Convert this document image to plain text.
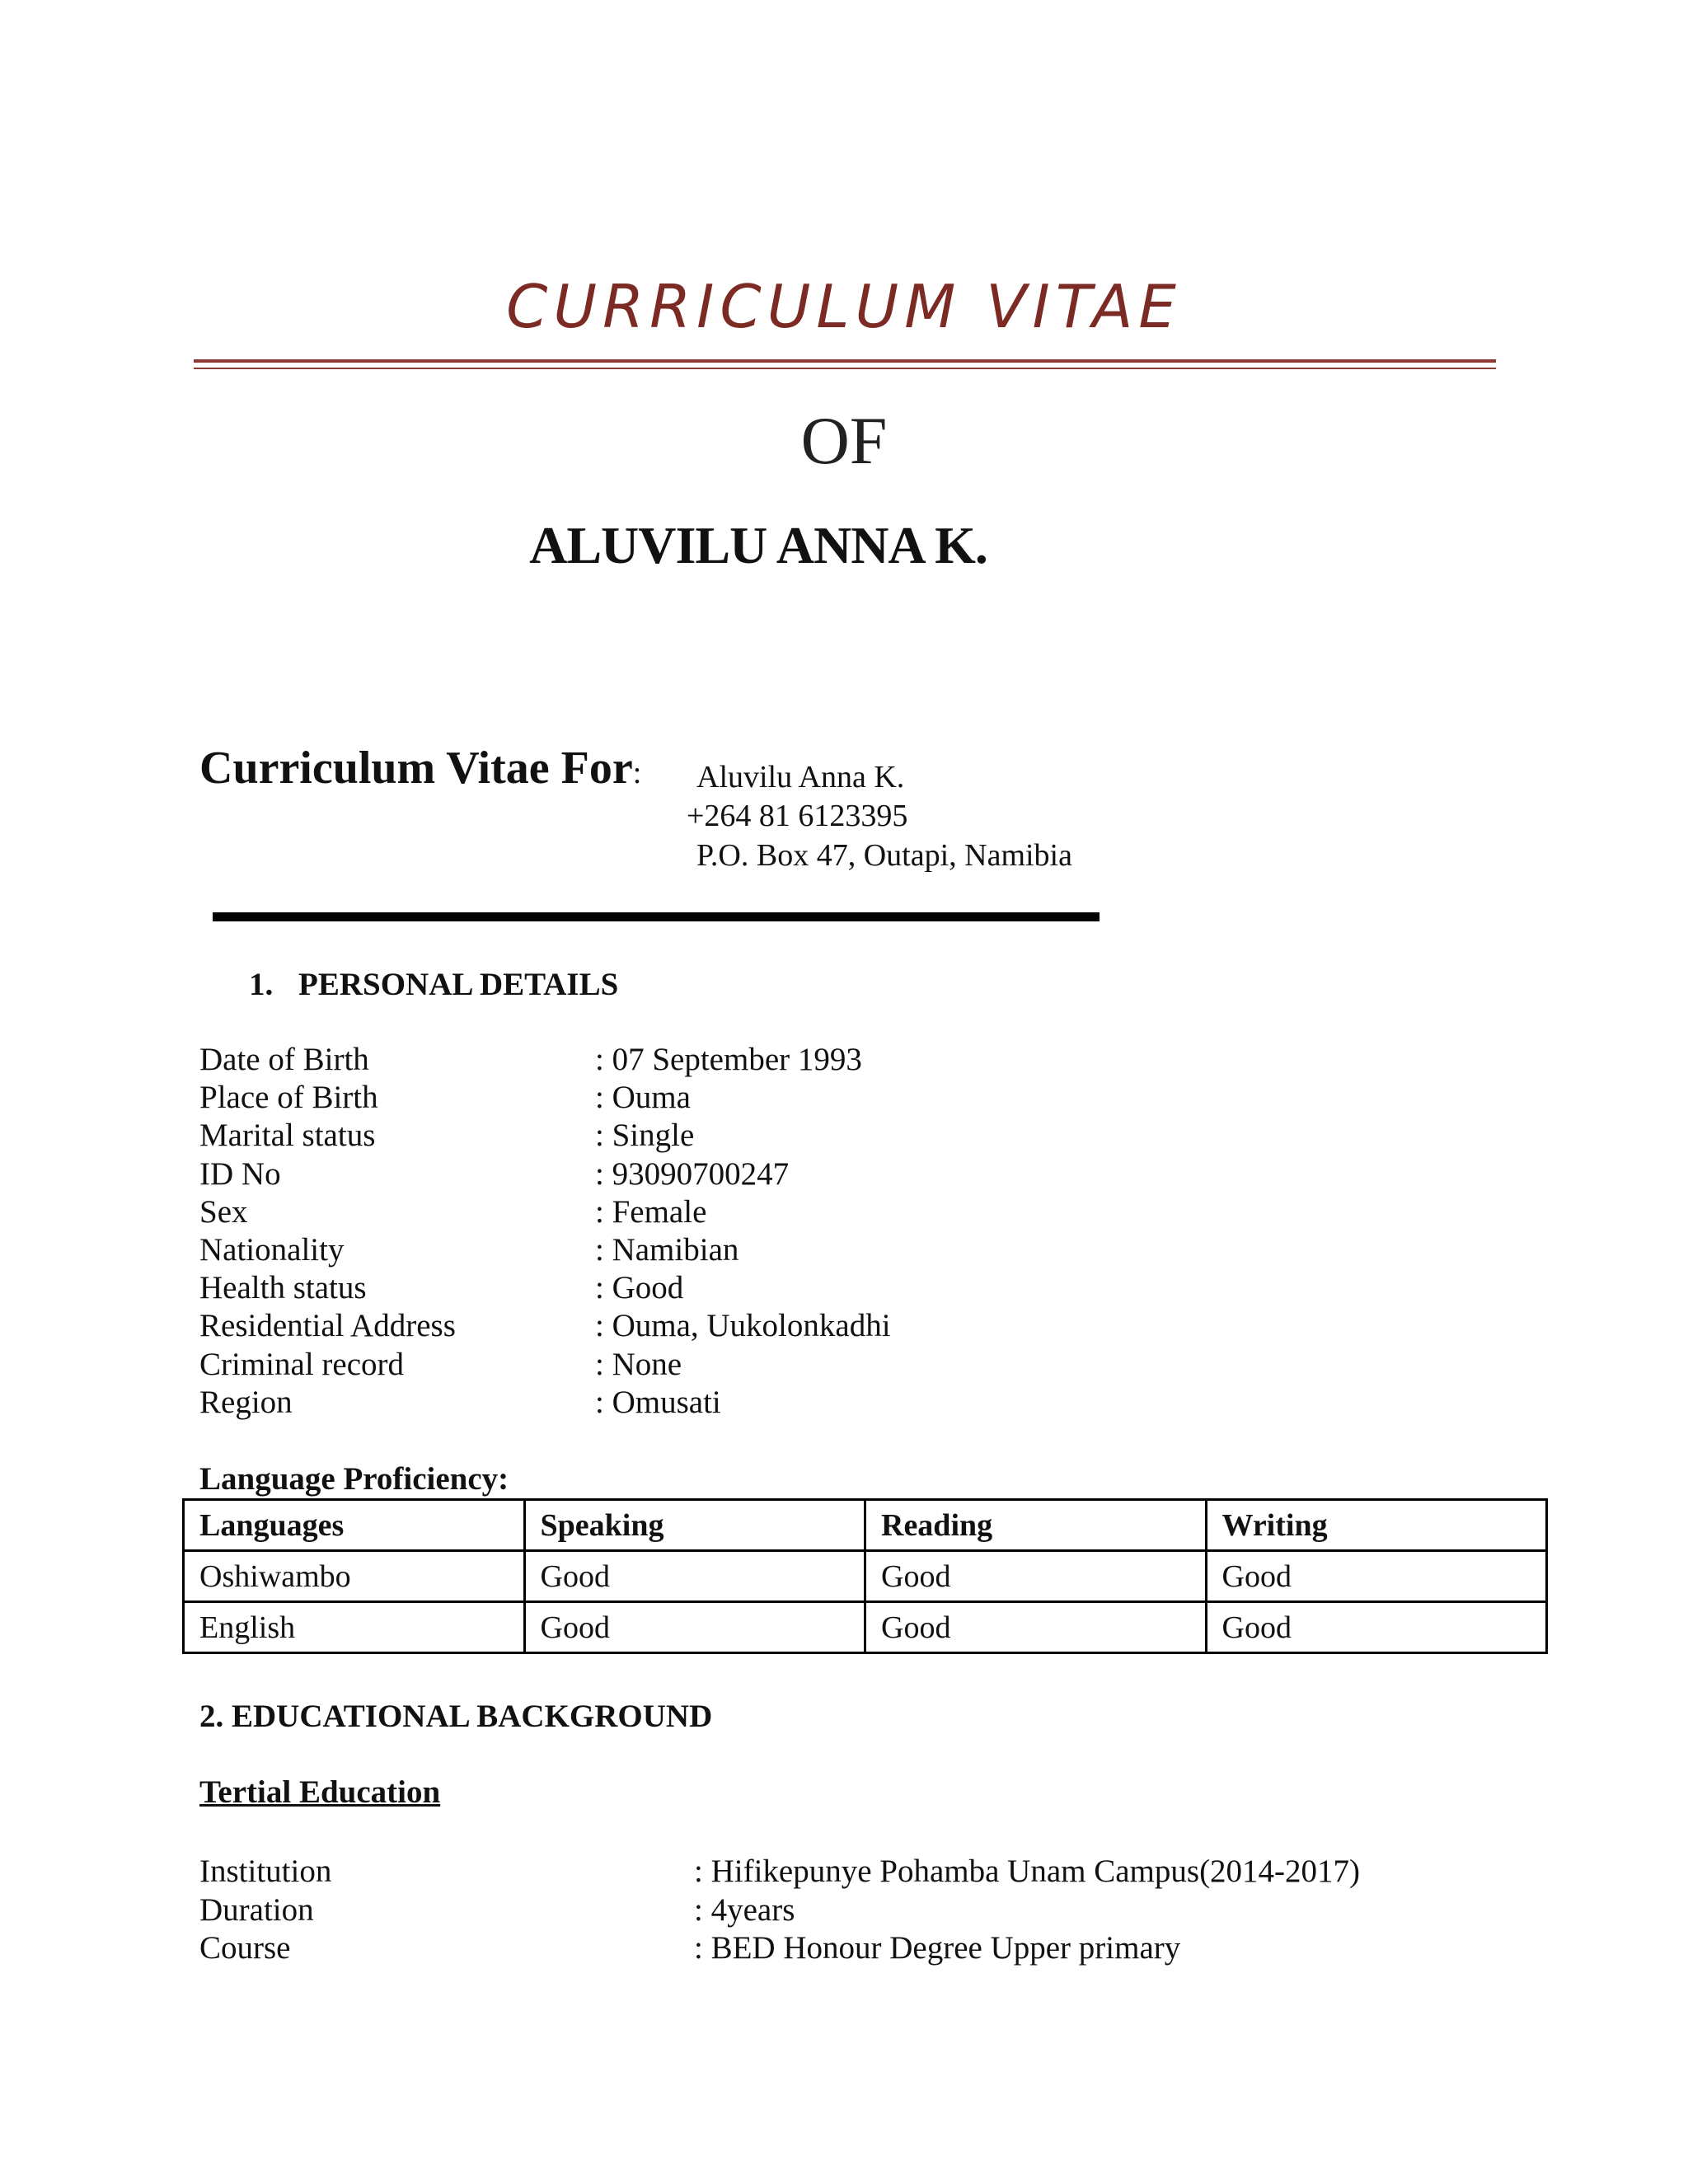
CURRICULUM VITAE
OF
ALUVILU ANNA K.
Curriculum Vitae For: Aluvilu Anna K.
+264 81 6123395
P.O. Box 47, Outapi, Namibia
1. PERSONAL DETAILS
Date of Birth	: 07 September 1993
Place of Birth	: Ouma
Marital status	: Single
ID No	: 93090700247
Sex	: Female
Nationality	: Namibian
Health status	: Good
Residential Address	: Ouma, Uukolonkadhi
Criminal record	: None
Region	: Omusati
Language Proficiency:
Languages	Speaking	Reading	Writing
Oshiwambo	Good	Good	Good
English	Good	Good	Good
2. EDUCATIONAL BACKGROUND
Tertial Education
Institution	: Hifikepunye Pohamba Unam Campus(2014-2017)
Duration	: 4years
Course	: BED Honour Degree Upper primary
